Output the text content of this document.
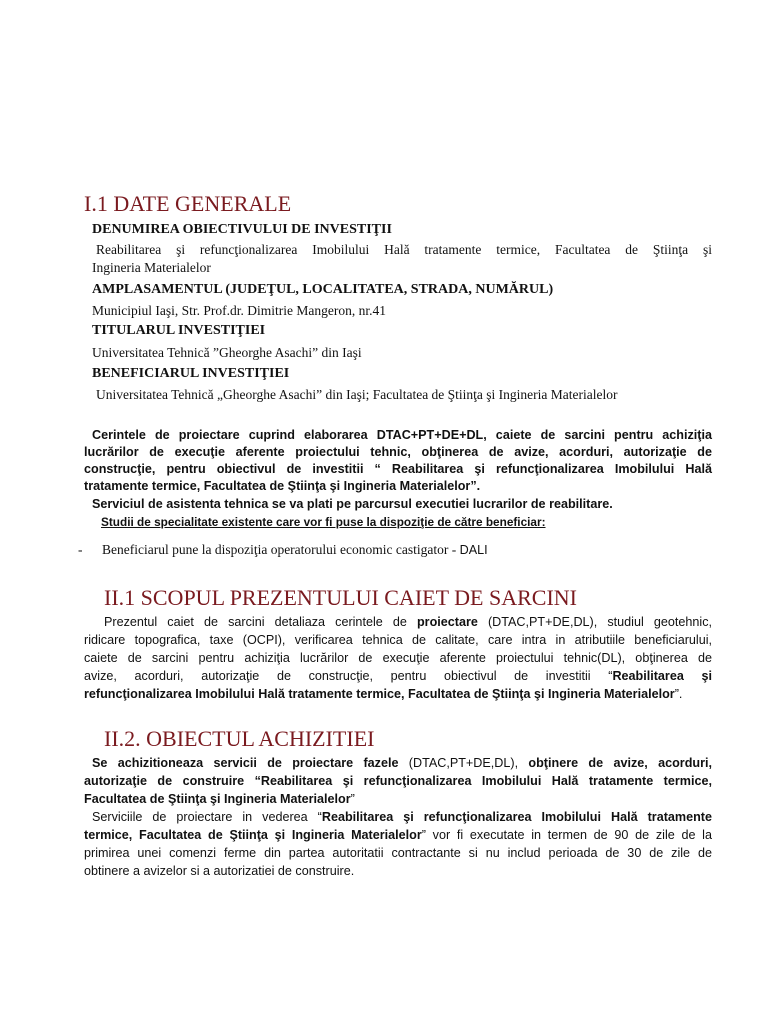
I.1 DATE GENERALE
DENUMIREA OBIECTIVULUI DE INVESTIŢII
Reabilitarea şi refuncţionalizarea Imobilului Hală tratamente termice, Facultatea de Ştiinţa şi
Ingineria Materialelor
AMPLASAMENTUL (JUDEŢUL, LOCALITATEA, STRADA, NUMĂRUL)
Municipiul Iaşi, Str. Prof.dr. Dimitrie Mangeron, nr.41
TITULARUL INVESTIŢIEI
Universitatea Tehnică ”Gheorghe Asachi” din Iaşi
BENEFICIARUL INVESTIŢIEI
Universitatea Tehnică „Gheorghe Asachi” din Iaşi; Facultatea de Ştiinţa şi Ingineria Materialelor
Cerintele de proiectare cuprind elaborarea DTAC+PT+DE+DL, caiete de sarcini pentru achiziţia
lucrărilor de execuţie aferente proiectului tehnic, obţinerea de avize, acorduri, autorizaţie de
construcţie, pentru obiectivul de investitii “ Reabilitarea şi refuncţionalizarea Imobilului Hală
tratamente termice, Facultatea de Ştiinţa şi Ingineria Materialelor”.
Serviciul de asistenta tehnica se va plati pe parcursul executiei lucrarilor de reabilitare.
Studii de specialitate existente care vor fi puse la dispoziţie de către beneficiar:
- Beneficiarul pune la dispoziţia operatorului economic castigator - DALI
II.1 SCOPUL PREZENTULUI CAIET DE SARCINI
Prezentul caiet de sarcini detaliaza cerintele de proiectare (DTAC,PT+DE,DL), studiul geotehnic,
ridicare topografica, taxe (OCPI), verificarea tehnica de calitate, care intra in atributiile beneficiarului,
caiete de sarcini pentru achiziţia lucrărilor de execuţie aferente proiectului tehnic(DL), obţinerea de
avize, acorduri, autorizaţie de construcţie, pentru obiectivul de investitii “Reabilitarea şi
refuncţionalizarea Imobilului Hală tratamente termice, Facultatea de Ştiinţa şi Ingineria Materialelor”.
II.2. OBIECTUL ACHIZITIEI
Se achizitioneaza servicii de proiectare fazele (DTAC,PT+DE,DL), obţinere de avize, acorduri,
autorizaţie de construire “Reabilitarea şi refuncţionalizarea Imobilului Hală tratamente termice,
Facultatea de Ştiinţa şi Ingineria Materialelor”
Serviciile de proiectare in vederea “Reabilitarea şi refuncţionalizarea Imobilului Hală tratamente
termice, Facultatea de Ştiinţa şi Ingineria Materialelor” vor fi executate in termen de 90 de zile de la
primirea unei comenzi ferme din partea autoritatii contractante si nu includ perioada de 30 de zile de
obtinere a avizelor si a autorizatiei de construire.
